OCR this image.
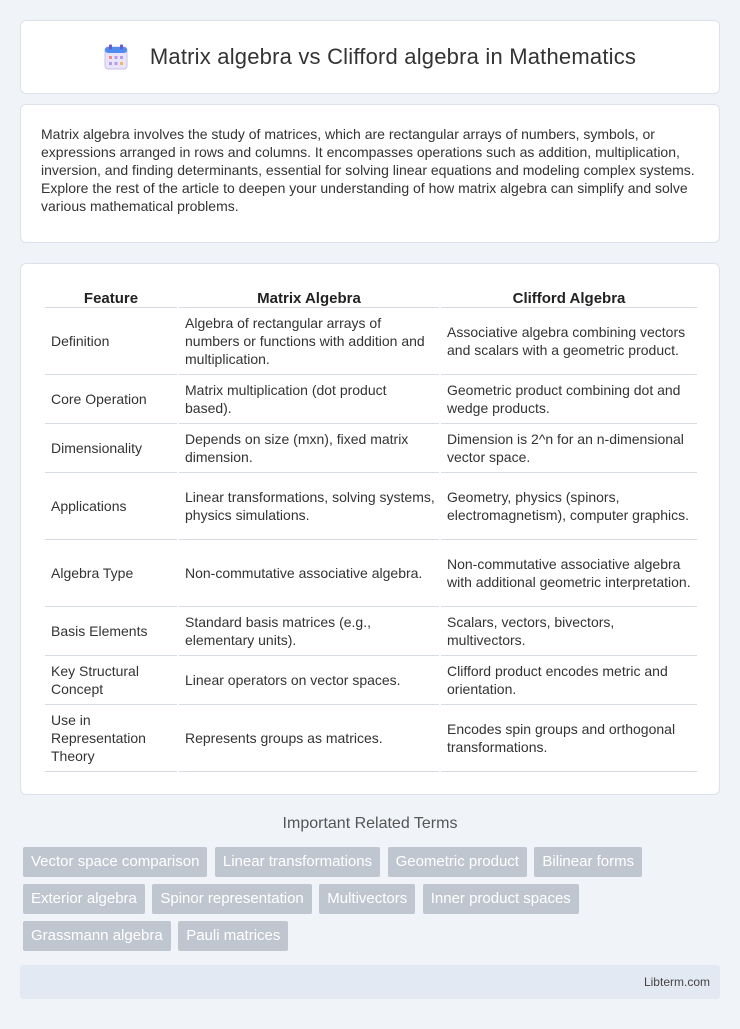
Matrix algebra vs Clifford algebra in Mathematics

Matrix algebra involves the study of matrices, which are rectangular arrays of numbers, symbols, or expressions arranged in rows and columns. It encompasses operations such as addition, multiplication, inversion, and finding determinants, essential for solving linear equations and modeling complex systems. Explore the rest of the article to deepen your understanding of how matrix algebra can simplify and solve various mathematical problems.

Feature	Matrix Algebra	Clifford Algebra
Definition	Algebra of rectangular arrays of numbers or functions with addition and multiplication.	Associative algebra combining vectors and scalars with a geometric product.
Core Operation	Matrix multiplication (dot product based).	Geometric product combining dot and wedge products.
Dimensionality	Depends on size (mxn), fixed matrix dimension.	Dimension is 2^n for an n-dimensional vector space.
Applications	Linear transformations, solving systems, physics simulations.	Geometry, physics (spinors, electromagnetism), computer graphics.
Algebra Type	Non-commutative associative algebra.	Non-commutative associative algebra with additional geometric interpretation.
Basis Elements	Standard basis matrices (e.g., elementary units).	Scalars, vectors, bivectors, multivectors.
Key Structural Concept	Linear operators on vector spaces.	Clifford product encodes metric and orientation.
Use in Representation Theory	Represents groups as matrices.	Encodes spin groups and orthogonal transformations.
Important Related Terms
Vector space comparison Linear transformations Geometric product Bilinear forms Exterior algebra Spinor representation Multivectors Inner product spaces Grassmann algebra Pauli matrices
Libterm.com
